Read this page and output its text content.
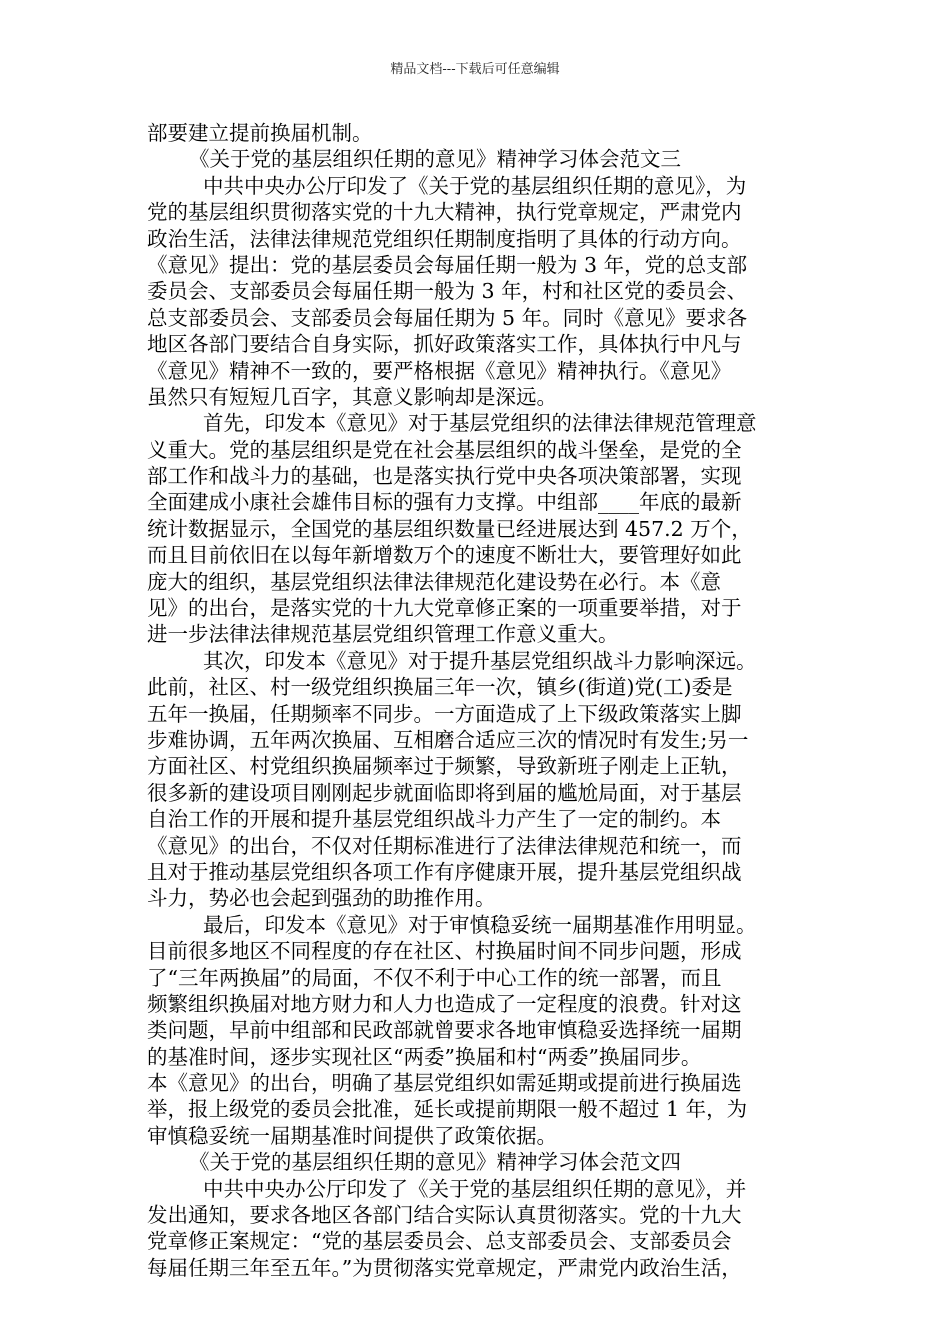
精品文档---下载后可任意编辑
部要建立提前换届机制。
《关于党的基层组织任期的意见》精神学习体会范文三
中共中央办公厅印发了《关于党的基层组织任期的意见》，为
党的基层组织贯彻落实党的十九大精神，执行党章规定，严肃党内
政治生活，法律法律规范党组织任期制度指明了具体的行动方向。
《意见》提出：党的基层委员会每届任期一般为 3 年，党的总支部
委员会、支部委员会每届任期一般为 3 年，村和社区党的委员会、
总支部委员会、支部委员会每届任期为 5 年。同时《意见》要求各
地区各部门要结合自身实际，抓好政策落实工作，具体执行中凡与
《意见》精神不一致的，要严格根据《意见》精神执行。《意见》
虽然只有短短几百字，其意义影响却是深远。
首先，印发本《意见》对于基层党组织的法律法律规范管理意
义重大。党的基层组织是党在社会基层组织的战斗堡垒，是党的全
部工作和战斗力的基础，也是落实执行党中央各项决策部署，实现
全面建成小康社会雄伟目标的强有力支撑。中组部____年底的最新
统计数据显示，全国党的基层组织数量已经进展达到 457.2 万个，
而且目前依旧在以每年新增数万个的速度不断壮大，要管理好如此
庞大的组织，基层党组织法律法律规范化建设势在必行。本《意
见》的出台，是落实党的十九大党章修正案的一项重要举措，对于
进一步法律法律规范基层党组织管理工作意义重大。
其次，印发本《意见》对于提升基层党组织战斗力影响深远。
此前，社区、村一级党组织换届三年一次，镇乡(街道)党(工)委是
五年一换届，任期频率不同步。一方面造成了上下级政策落实上脚
步难协调，五年两次换届、互相磨合适应三次的情况时有发生;另一
方面社区、村党组织换届频率过于频繁，导致新班子刚走上正轨，
很多新的建设项目刚刚起步就面临即将到届的尴尬局面，对于基层
自治工作的开展和提升基层党组织战斗力产生了一定的制约。本
《意见》的出台，不仅对任期标准进行了法律法律规范和统一，而
且对于推动基层党组织各项工作有序健康开展，提升基层党组织战
斗力，势必也会起到强劲的助推作用。
最后，印发本《意见》对于审慎稳妥统一届期基准作用明显。
目前很多地区不同程度的存在社区、村换届时间不同步问题，形成
了“三年两换届”的局面，不仅不利于中心工作的统一部署，而且
频繁组织换届对地方财力和人力也造成了一定程度的浪费。针对这
类问题，早前中组部和民政部就曾要求各地审慎稳妥选择统一届期
的基准时间，逐步实现社区“两委”换届和村“两委”换届同步。
本《意见》的出台，明确了基层党组织如需延期或提前进行换届选
举，报上级党的委员会批准，延长或提前期限一般不超过 1 年，为
审慎稳妥统一届期基准时间提供了政策依据。
《关于党的基层组织任期的意见》精神学习体会范文四
中共中央办公厅印发了《关于党的基层组织任期的意见》，并
发出通知，要求各地区各部门结合实际认真贯彻落实。党的十九大
党章修正案规定：“党的基层委员会、总支部委员会、支部委员会
每届任期三年至五年。”为贯彻落实党章规定，严肃党内政治生活，
